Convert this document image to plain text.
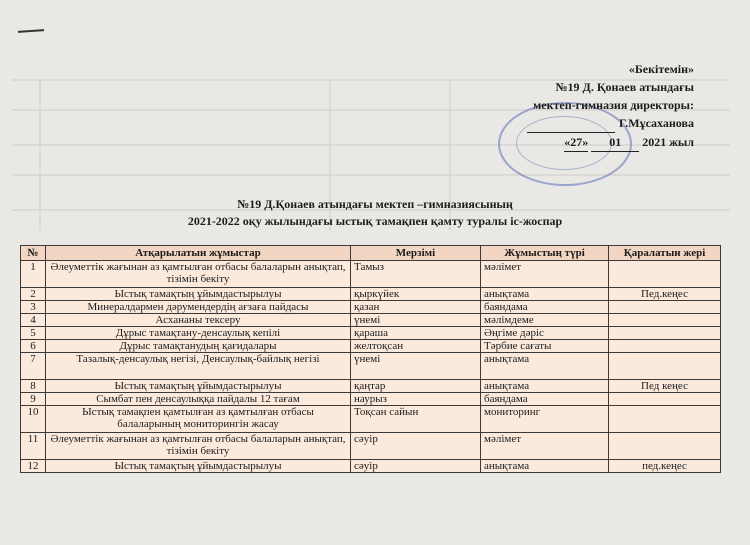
«Бекітемін»
№19 Д. Қонаев атындағы
мектеп-гимназия директоры:
Г.Мұсаханова
«27» 01 2021 жыл
№19 Д.Қонаев атындағы мектеп –гимназиясының
2021-2022 оқу жылындағы ыстық тамақпен қамту туралы іс-жоспар
№	Атқарылатын жұмыстар	Мерзімі	Жұмыстың түрі	Қаралатын жері
1	Әлеуметтік жағынан аз қамтылған отбасы балаларын анықтап, тізімін бекіту	Тамыз	мәлімет	
2	Ыстық тамақтың ұйымдастырылуы	қыркүйек	анықтама	Пед.кеңес
3	Минералдармен дәрумендердің ағзаға пайдасы	қазан	баяндама	
4	Асхананы тексеру	үнемі	мәлімдеме	
5	Дұрыс тамақтану-денсаулық кепілі	қараша	Әңгіме дәріс	
6	Дұрыс тамақтанудың қағидалары	желтоқсан	Тәрбие сағаты	
7	Тазалық-денсаулық негізі, Денсаулық-байлық негізі	үнемі	анықтама	
8	Ыстық тамақтың ұйымдастырылуы	қаңтар	анықтама	Пед кеңес
9	Сымбат пен денсаулыққа пайдалы 12 тағам	наурыз	баяндама	
10	Ыстық тамақпен қамтылған аз қамтылған отбасы балаларының мониторингін жасау	Тоқсан сайын	мониторинг	
11	Әлеуметтік жағынан аз қамтылған отбасы балаларын анықтап, тізімін бекіту	сәуір	мәлімет	
12	Ыстық тамақтың ұйымдастырылуы	сәуір	анықтама	пед.кеңес
